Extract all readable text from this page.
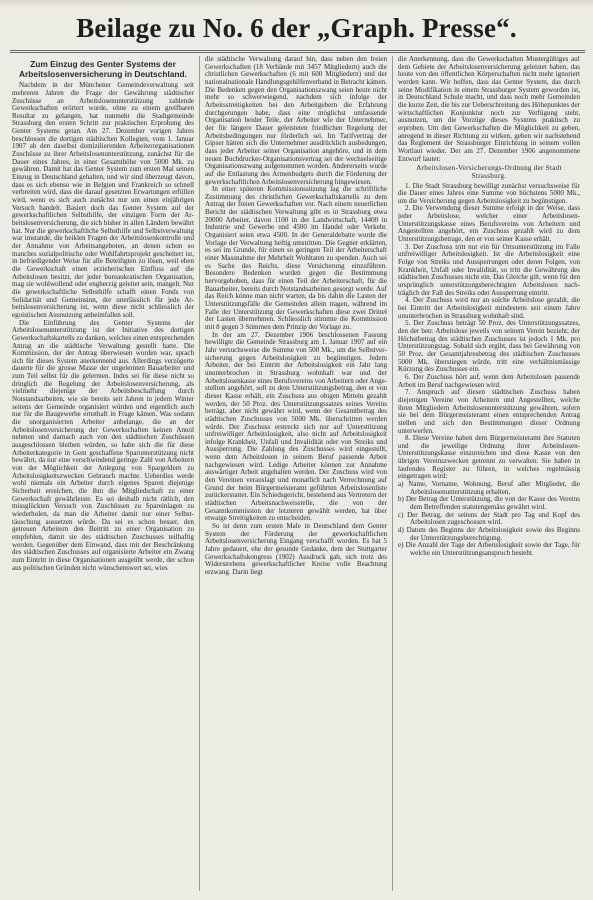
Beilage zu No. 6 der „Graph. Presse“.
Zum Einzug des Genter Systems der Arbeitslosenversicherung in Deutschland.

Nachdem in der Münchener Gemeindeverwaltung seit mehreren Jahren die Frage der Gewährung städtischer Zuschüsse an Arbeitslosenunterstützung zahlende Gewerkschaften erörtert wurde, ohne zu einem greifbaren Resultat zu gelangen, hat nunmehr die Stadtgemeinde Strassburg den ersten Schritt zur praktischen Erprobung des Genter Systems getan. Am 27. Dezember vorigen Jahres beschlossen die dortigen städtischen Kollegien, vom 1. Januar 1907 ab den daselbst domizilierenden Arbeiterorganisationen Zuschüsse zu ihrer Arbeitslosenunterstützung, zunächst für die Dauer eines Jahres, in einer Gesamthöhe von 5000 Mk. zu gewähren. Damit hat das Genter System zum ersten Mal seinen Einzug in Deutschland gehalten, und wir sind überzeugt davon, dass es sich ebenso wie in Belgien und Frankreich so schnell verbreiten wird, dass die darauf gesetzten Erwartungen erfüllen wird, wenn es sich auch zunächst nur um einen einjährigen Versuch handelt. Basiert doch das Genter System auf der gewerkschaftlichen Selbsthilfe, der einzigen Form der Arbeitslosenversicherung, die sich bisher in allen Ländern bewährt hat. Nur die gewerkschaftliche Selbsthilfe und Selbstverwaltung war imstande, die heiklen Fragen der Arbeitslosenkontrolle und der Annahme von Arbeitsangeboten, an denen schon so manches sozialpolitische oder Wohlfahrtsprojekt gescheitert ist, in befriedigender Weise für alle Beteiligten zu lösen, weil eben die Gewerkschaft einen erzieherischen Einfluss auf die Arbeitslosen besitzt, der jeder bureaukratischen Organisation, mag sie wohlwollend oder engherzig geleitet sein, mangelt. Nur die gewerkschaftliche Selbsthilfe schafft einen Fonds von Solidarität und Gemeinsinn, der unerlässlich für jede Arbeitslosenversicherung ist, wenn diese nicht schliesslich der egoistischen Ausnutzung anheimfallen soll.

Die Einführung des Genter Systems der Arbeitslosenunterstützung ist der Initiative des dortigen Gewerkschaftskartells zu danken, welches einen entsprechenden Antrag an die städtische Verwaltung gestellt hatte. Die Kommission, der der Antrag überwiesen worden war, sprach sich für dieses System anerkennend aus. Allerdings verzögerte dauerte für die grosse Masse der ungelernten Bauarbeiter und zum Teil selbst für die gelernten. Indes sei für diese nicht so dringlich die Regelung der Arbeitslosenversicherung, als vielmehr diejenige der Arbeitsbeschaffung durch Notstandsarbeiten, wie sie bereits seit Jahren in jedem Winter seitens der Gemeinde organisiert würden und eigentlich auch nur für die Baugewerbe ernsthaft in Frage kämen. Was sodann die unorganisierten Arbeiter anbelange, die an der Arbeitslosenversicherung der Gewerkschaften keinen Anteil nehmen und darnach auch von den städtischen Zuschüssen ausgeschlossen bleiben würden, so habe sich die für diese Arbeiterkategorie in Gent geschaffene Sparunterstützung nicht bewährt, da nur eine verschwindend geringe Zahl von Arbeitern von der Möglichkeit der Anlegung von Spargeldern zu Arbeitslosigkeitszwecken Gebrauch machte. Ueberdies werde wohl niemals ein Arbeiter durch eigenes Sparen diejenige Sicherheit erreichen, die ihm die Mitgliedschaft zu einer Gewerkschaft gewährleiste. Es sei deshalb nicht rätlich, den missglückten Versuch von Zuschüssen zu Spareinlagen zu wiederholen, da man die Arbeiter damit nur einer Selbsttäuschung aussetzen würde. Da sei es schon besser, den getreuen Arbeitern den Beitritt zu einer Organisation zu empfehlen, damit sie des städtischen Zuschusses teilhaftig werden. Gegenüber dem Einwand, dass mit der Beschränkung des städtischen Zuschusses auf organisierte Arbeiter ein Zwang zum Eintritt in diese Organisationen ausgeübt werde, der schon aus politischen Gründen nicht wünschenswert sei, wies

die städtische Verwaltung darauf hin, dass neben den freien Gewerkschaften (18 Verbände mit 3457 Mitgliedern) auch die christlichen Gewerkschaften (6 mit 600 Mitgliedern) und der nationalnationale Handlungsgehilfenverband in Betracht kämen. Die Bedenken gegen den Organisationszwang seien heute nicht mehr so schwerwiegend, nachdem sich infolge der Arbeitsstreitigkeiten bei den Arbeitgebern die Erfahrung durchgerungen habe, dass eine möglichst umfassende Organisation beider Teile, der Arbeiter wie der Unternehmer, der für längere Dauer geleisteten friedlichen Regelung der Arbeitsbedingungen nur förderlich sei. Im Tarifvertrag der Gipser hätten sich die Unternehmer ausdrücklich ausbedungen, dass jeder Arbeiter seiner Organisation angehöre, und in dem neuen Buchdrucker-Organisationsvertrag sei der wechselseitige Organisationszwang aufgenommen worden. Andererseits wurde auf die Entlastung des Armenbudgets durch die Förderung der gewerkschaftlichen Arbeitslosenversicherung hingewiesen.

In einer späteren Kommissionssitzung lag die schriftliche Zustimmung des christlichen Gewerkschaftskartells zu dem Antrag der freien Gewerkschaften vor. Nach einem neuerlichen Bericht der städtischen Verwaltung gibt es in Strassburg etwa 20000 Arbeiter, davon 1100 in der Landwirtschaft, 14400 in Industrie und Gewerbe und 4500 im Handel oder Verkehr. Organisiert seien etwa 4500. In der Generaldebatte wurde die Vorlage der Verwaltung heftig umstritten. Die Gegner erklärten, es sei im Grunde, für einen so geringen Teil der Arbeiterschaft einer Massnahme der Mehrheit Wohltaten zu spenden. Auch sei es Sache des Reichs, diese Versicherung einzuführen. Besondere Bedenken wurden gegen die Bestimmung hervorgehoben, dass für einen Teil der Arbeiterschaft, für die Bauarbeiter, bereits durch Notstandsarbeiten gesorgt werde. Auf das Reich könne man nicht warten, da bis dahin die Lasten der Unterstützungsfälle die Gemeinden allein tragen, während im Falle der Unterstützung der Gewerkschaften diese zwei Drittel der Lasten übernehmen. Schliesslich stimmte die Kommission mit 8 gegen 3 Stimmen dem Prinzip der Vorlage zu.

In der am 27. Dezember 1906 beschlossenen Fassung bewilligte die Gemeinde Strassburg am 1. Januar 1907 auf ein Jahr versuchsweise die Summe von 500 Mk., um die Selbstversicherung gegen Arbeitslosigkeit zu begünstigen. Jedem Arbeiter, der bei Eintritt der Arbeitslosigkeit ein Jahr lang ununterbrochen in Strassburg wohnhaft war und der Arbeitslosenkasse eines Berufsvereins von Arbeitern oder Angestellten angehört, soll zu dem Unterstützungsbetrag, den er von dieser Kasse erhält, ein Zuschuss aus obigen Mitteln gezahlt werden, der 50 Proz. des Unterstützungssatzes seines Vereins beträgt, aber nicht gewährt wird, wenn der Gesamtbetrag des städtischen Zuschusses von 5000 Mk. überschritten werden würde. Der Zuschuss erstreckt sich nur auf Unterstützung unfreiwilliger Arbeitslosigkeit, also nicht auf Arbeitslosigkeit infolge Krankheit, Unfall und Invalidität oder von Streiks und Aussperrung. Die Zahlung des Zuschusses wird eingestellt, wenn dem Arbeitslosen in seinem Beruf passende Arbeit nachgewiesen wird. Ledige Arbeiter können zur Annahme auswärtiger Arbeit angehalten werden. Der Zuschuss wird von den Vereinen verauslagt und monatlich nach Verrechnung auf Grund der beim Bürgermeisteramt geführten Arbeitslosenliste zurückerstattet. Ein Schiedsgericht, bestehend aus Vertretern der städtischen Arbeitsnachweisstelle, die von der Gesamtkommission der letzteren gewählt werden, hat über etwaige Streitigkeiten zu entscheiden.

So ist denn zum ersten Male in Deutschland dem Genter System der Förderung der gewerkschaftlichen Arbeitslosenversicherung Eingang verschafft worden. Es hat 5 Jahre gedauert, ehe der gesunde Gedanke, dem der Stuttgarter Gewerkschaftskongress (1902) Ausdruck gab, sich trotz des Widerstrebens gewerkschaftlicher Kreise volle Beachtung erzwang. Darin liegt

die Anerkennung, dass die Gewerkschaften Mustergültiges auf dem Gebiete der Arbeitslosenversicherung geleistet haben, das heute von den öffentlichen Körperschaften nicht mehr ignoriert werden kann. Wir hoffen, dass das Genter System, das durch seine Modifikation in einem Strassburger System geworden ist, in Deutschland Schule macht, und dass noch mehr Gemeinden die kurze Zeit, die bis zur Ueberschreitung des Höhepunktes der wirtschaftlichen Konjunktur noch zur Verfügung steht, ausnutzen, um die Vorzüge dieses Systems praktisch zu erproben. Um den Gewerkschaften die Möglichkeit zu geben, anregend in dieser Richtung zu wirken, geben wir nachstehend das Reglement der Strassburger Einrichtung in seinem vollen Wortlaut wieder. Der am 27. Dezember 1906 angenommene Entwurf lautet:

Arbeitslosen-Versicherungs-Ordnung der Stadt Strassburg.

1. Die Stadt Strassburg bewilligt zunächst versuchsweise für die Dauer eines Jahres eine Summe von höchstens 5000 Mk., um die Versicherung gegen Arbeitslosigkeit zu begünstigen.

2. Die Verwendung dieser Summe erfolgt in der Weise, dass jeder Arbeitslose, welcher einer Arbeitslosen-Unterstützungskasse eines Berufsvereins von Arbeitern und Angestellten angehört, ein Zuschuss gezahlt wird zu dem Unterstützungsbetrage, den er von seiner Kasse erhält.

3. Der Zuschuss tritt nur ein für Ortsunterstützung im Falle unfreiwilliger Arbeitslosigkeit. Ist die Arbeitslosigkeit eine Folge von Streiks und Aussperrungen oder deren Folgen, von Krankheit, Unfall oder Invalidität, so tritt die Gewährung des städtischen Zuschusses nicht ein. Das Gleiche gilt, wenn für den ursprünglich unterstützungsberechtigten Arbeitslosen nachträglich der Fall des Streiks oder Aussperrung eintritt.

4. Der Zuschuss wird nur an solche Arbeitslose gezahlt, die bei Eintritt der Arbeitslosigkeit mindestens seit einem Jahre ununterbrochen in Strassburg wohnhaft sind.

5. Der Zuschuss beträgt 50 Proz. des Unterstützungssatzes, den der betr. Arbeitslose jeweils von seinem Verein bezieht; der Höchstbetrag des städtischen Zuschusses ist jedoch 1 Mk. pro Unterstützungstag. Sobald sich ergibt, dass bei Gewährung von 50 Proz. der Gesamtjahresbetrag des städtischen Zuschusses 5000 Mk. überstiegen würde, tritt eine verhältnismässige Kürzung des Zuschusses ein.

6. Der Zuschuss hört auf, wenn dem Arbeitslosen passende Arbeit im Beruf nachgewiesen wird.

7. Anspruch auf diesen städtischen Zuschuss haben diejenigen Vereine von Arbeitern und Angestellten, welche ihren Mitgliedern Arbeitslosenunterstützung gewähren, sofern sie bei dem Bürgermeisteramt einen entsprechenden Antrag stellen und sich den Bestimmungen dieser Ordnung unterwerfen.

8. Diese Vereine haben dem Bürgermeisteramt ihre Statuten und die jeweilige Ordnung ihrer Arbeitslosen-Unterstützungskasse einzureichen und diese Kasse von den übrigen Vereinszwecken getrennt zu verwalten. Sie haben in laufendes Register zu führen, in welches regelmässig eingetragen wird:

a) Name, Vorname, Wohnung, Beruf aller Mitglieder, die Arbeitslosenunterstützung erhalten,

b) Der Betrag der Unterstützung, die von der Kasse des Vereins dem Betreffenden statutengemäss gewährt wird.

c) Der Betrag, der seitens der Stadt pro Tag und Kopf des Arbeitslosen zugeschossen wird.

d) Datum des Beginns der Arbeitslosigkeit sowie des Beginns der Unterstützungsberechtigung.

e) Die Anzahl der Tage der Arbeitslosigkeit sowie der Tage, für welche ein Unterstützungsanspruch besteht.
